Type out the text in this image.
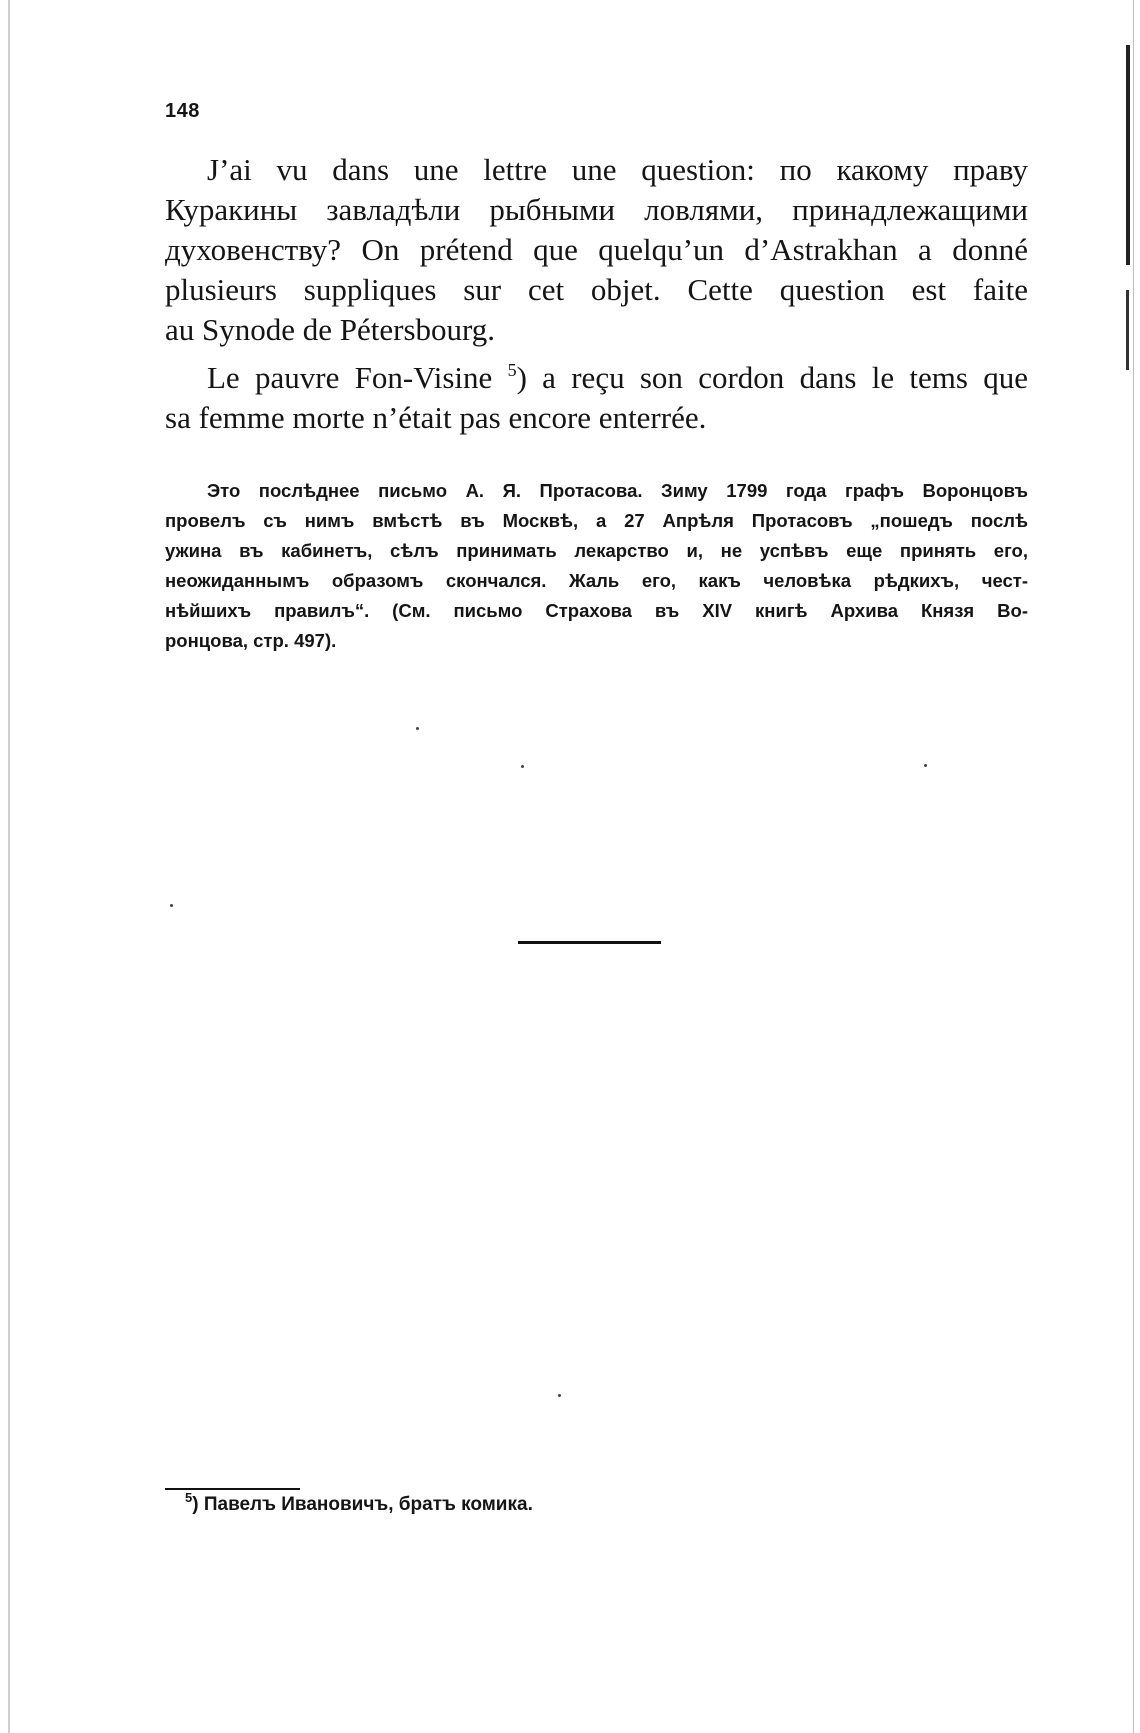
148

J’ai vu dans une lettre une question: по какому праву
Куракины завладѣли рыбными ловлями, принадлежащими
духовенству? On prétend que quelqu’un d’Astrakhan a donné
plusieurs suppliques sur cet objet. Cette question est faite
au Synode de Pétersbourg.

Le pauvre Fon-Visine $^5$) a reçu son cordon dans le tems que
sa femme morte n’était pas encore enterrée.

Это послѣднее письмо А. Я. Протасова. Зиму 1799 года графъ Воронцовъ
провелъ съ нимъ вмѣстѣ въ Москвѣ, а 27 Апрѣля Протасовъ „пошедъ послѣ
ужина въ кабинетъ, сѣлъ принимать лекарство и, не успѣвъ еще принять его,
неожиданнымъ образомъ скончался. Жаль его, какъ человѣка рѣдкихъ, чест-
нѣйшихъ правилъ“. (См. письмо Страхова въ XIV книгѣ Архива Князя Во-
ронцова, стр. 497).
$^5$) Павелъ Ивановичъ, братъ комика.
